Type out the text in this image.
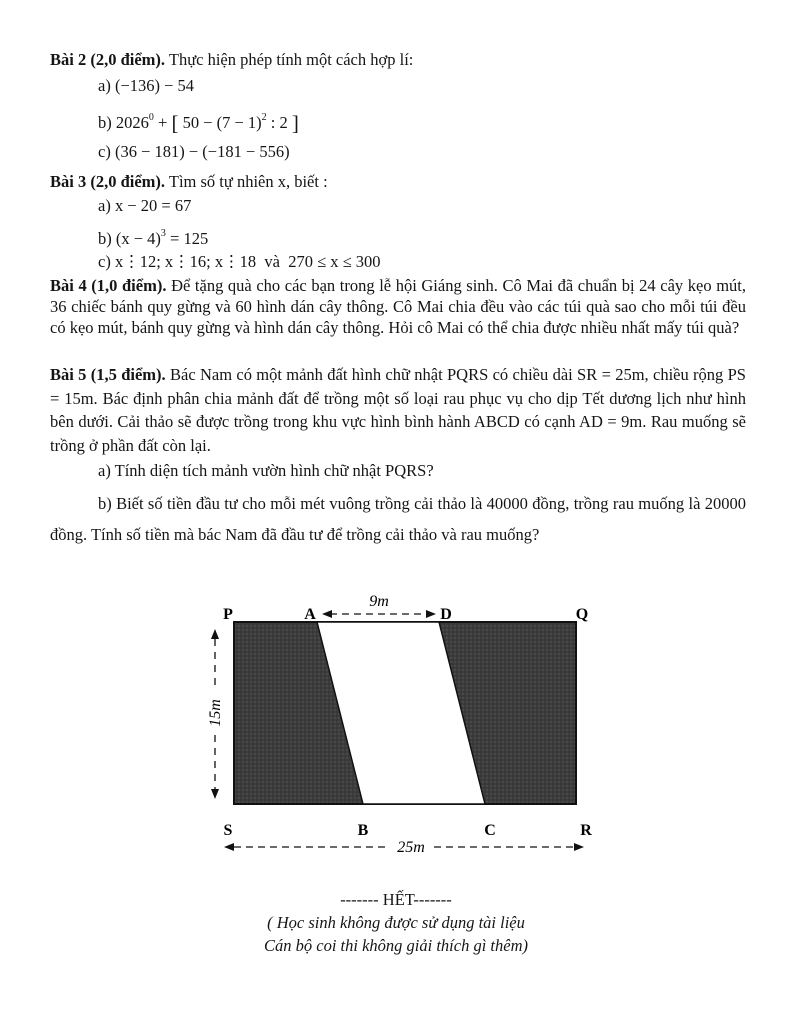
Bài 2 (2,0 điểm). Thực hiện phép tính một cách hợp lí:
a) (−136) − 54
b) $2026^0$ + [ $50 - (7 - 1)^2$ : 2 ]
c) (36 − 181) − (−181 − 556)
Bài 3 (2,0 điểm). Tìm số tự nhiên x, biết :
a) x − 20 = 67
b) $(x - 4)^3 = 125$
c) x⋮12; x⋮16; x⋮18  và  270 ≤ x ≤ 300
Bài 4 (1,0 điểm). Để tặng quà cho các bạn trong lễ hội Giáng sinh. Cô Mai đã chuẩn bị 24 cây kẹo mút, 36 chiếc bánh quy gừng và 60 hình dán cây thông. Cô Mai chia đều vào các túi quà sao cho mỗi túi đều có kẹo mút, bánh quy gừng và hình dán cây thông. Hỏi cô Mai có thể chia được nhiều nhất mấy túi quà?
Bài 5 (1,5 điểm). Bác Nam có một mảnh đất hình chữ nhật PQRS có chiều dài SR = 25m, chiều rộng PS = 15m. Bác định phân chia mảnh đất để trồng một số loại rau phục vụ cho dịp Tết dương lịch như hình bên dưới. Cải thảo sẽ được trồng trong khu vực hình bình hành ABCD có cạnh AD = 9m. Rau muống sẽ trồng ở phần đất còn lại.
a) Tính diện tích mảnh vườn hình chữ nhật PQRS?
b) Biết số tiền đầu tư cho mỗi mét vuông trồng cải thảo là 40000 đồng, trồng rau muống là 20000 đồng. Tính số tiền mà bác Nam đã đầu tư để trồng cải thảo và rau muống?
P	A	D	Q
S	B	C	R
9m
15m
25m
------- HẾT-------
( Học sinh không được sử dụng tài liệu
Cán bộ coi thi không giải thích gì thêm)
